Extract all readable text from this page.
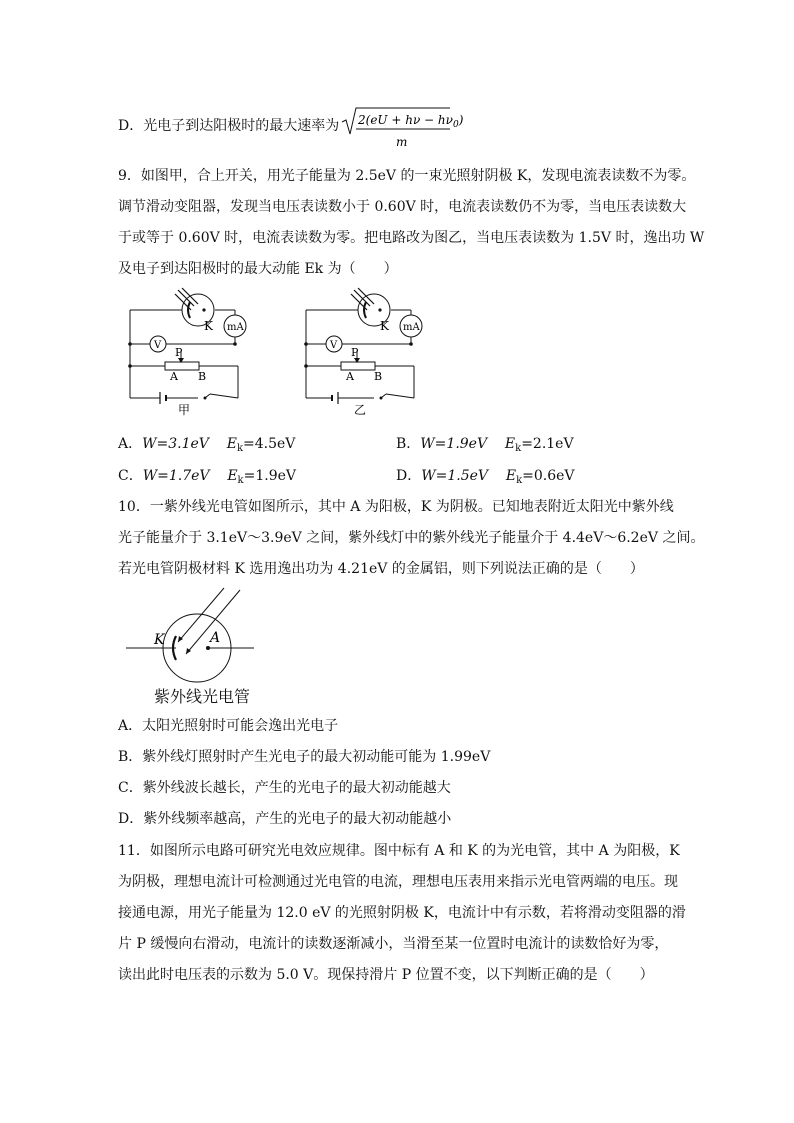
D．光电子到达阳极时的最大速率为 $2(eU + h\nu - h\nu_0)$
m
9．如图甲，合上开关，用光子能量为 2.5eV 的一束光照射阴极 K，发现电流表读数不为零。
调节滑动变阻器，发现当电压表读数小于 0.60V 时，电流表读数仍不为零，当电压表读数大
于或等于 0.60V 时，电流表读数为零。把电路改为图乙，当电压表读数为 1.5V 时，逸出功 W
及电子到达阳极时的最大动能 Ek 为（　　）
K mA
V
P
A B
甲
K mA
V
P
A B
乙
A．W=3.1eV $E_k=4.5eV$	B．W=1.9eV $E_k=2.1eV$
C．W=1.7eV $E_k=1.9eV$	D．W=1.5eV $E_k=0.6eV$
10．一紫外线光电管如图所示，其中 A 为阳极，K 为阴极。已知地表附近太阳光中紫外线
光子能量介于 3.1eV～3.9eV 之间，紫外线灯中的紫外线光子能量介于 4.4eV～6.2eV 之间。
若光电管阴极材料 K 选用逸出功为 4.21eV 的金属铝，则下列说法正确的是（　　）
K	A
紫外线光电管
A．太阳光照射时可能会逸出光电子
B．紫外线灯照射时产生光电子的最大初动能可能为 1.99eV
C．紫外线波长越长，产生的光电子的最大初动能越大
D．紫外线频率越高，产生的光电子的最大初动能越小
11．如图所示电路可研究光电效应规律。图中标有 A 和 K 的为光电管，其中 A 为阳极，K
为阴极，理想电流计可检测通过光电管的电流，理想电压表用来指示光电管两端的电压。现
接通电源，用光子能量为 12.0 eV 的光照射阴极 K，电流计中有示数，若将滑动变阻器的滑
片 P 缓慢向右滑动，电流计的读数逐渐减小，当滑至某一位置时电流计的读数恰好为零，
读出此时电压表的示数为 5.0 V。现保持滑片 P 位置不变，以下判断正确的是（　　）
